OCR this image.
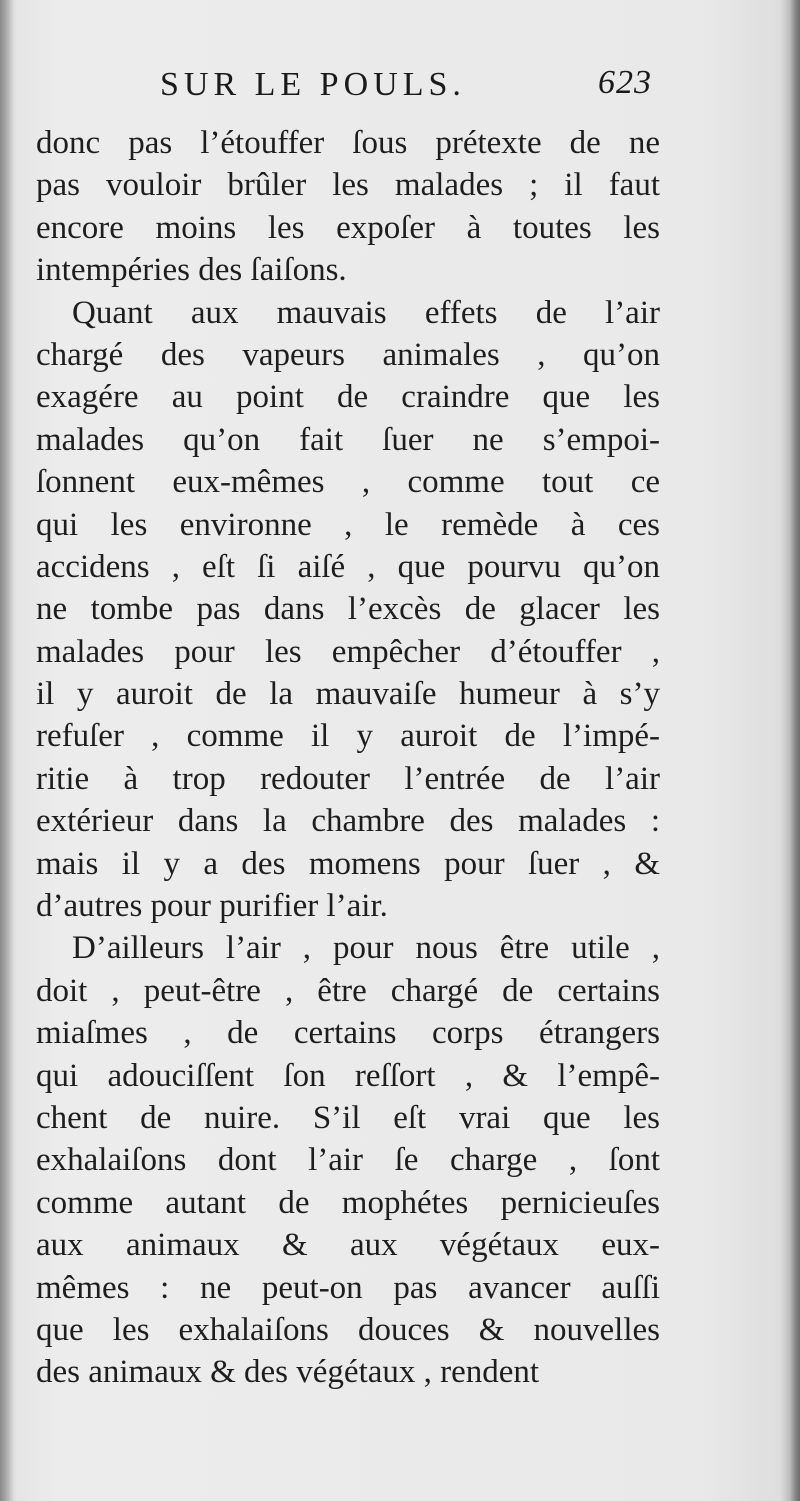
SUR LE POULS.	623
donc pas l’étouffer ſous prétexte de ne
pas vouloir brûler les malades ; il faut
encore moins les expoſer à toutes les
intempéries des ſaiſons.
Quant aux mauvais effets de l’air
chargé des vapeurs animales , qu’on
exagére au point de craindre que les
malades qu’on fait ſuer ne s’empoi-
ſonnent eux-mêmes , comme tout ce
qui les environne , le remède à ces
accidens , eſt ſi aiſé , que pourvu qu’on
ne tombe pas dans l’excès de glacer les
malades pour les empêcher d’étouffer ,
il y auroit de la mauvaiſe humeur à s’y
refuſer , comme il y auroit de l’impé-
ritie à trop redouter l’entrée de l’air
extérieur dans la chambre des malades :
mais il y a des momens pour ſuer , &
d’autres pour purifier l’air.
D’ailleurs l’air , pour nous être utile ,
doit , peut-être , être chargé de certains
miaſmes , de certains corps étrangers
qui adouciſſent ſon reſſort , & l’empê-
chent de nuire. S’il eſt vrai que les
exhalaiſons dont l’air ſe charge , ſont
comme autant de mophétes pernicieuſes
aux animaux & aux végétaux eux-
mêmes : ne peut-on pas avancer auſſi
que les exhalaiſons douces & nouvelles
des animaux & des végétaux , rendent
